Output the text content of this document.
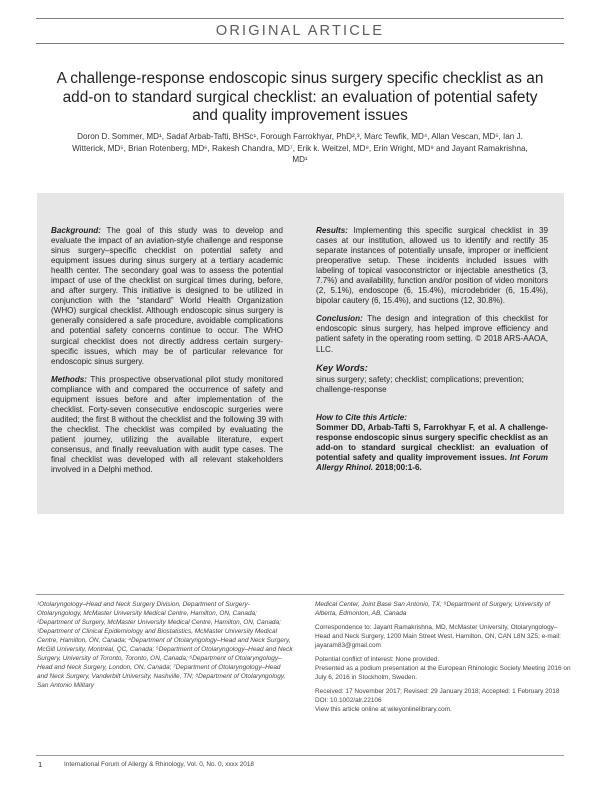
ORIGINAL ARTICLE
A challenge-response endoscopic sinus surgery specific checklist as an add-on to standard surgical checklist: an evaluation of potential safety and quality improvement issues
Doron D. Sommer, MD¹, Sadaf Arbab-Tafti, BHSc¹, Forough Farrokhyar, PhD²,³, Marc Tewfik, MD⁴, Allan Vescan, MD⁵, Ian J. Witterick, MD⁵, Brian Rotenberg, MD⁶, Rakesh Chandra, MD⁷, Erik k. Weitzel, MD⁸, Erin Wright, MD⁹ and Jayant Ramakrishna, MD¹

Background: The goal of this study was to develop and evaluate the impact of an aviation-style challenge and response sinus surgery–specific checklist on potential safety and equipment issues during sinus surgery at a tertiary academic health center. The secondary goal was to assess the potential impact of use of the checklist on surgical times during, before, and after surgery. This initiative is designed to be utilized in conjunction with the “standard” World Health Organization (WHO) surgical checklist. Although endoscopic sinus surgery is generally considered a safe procedure, avoidable complications and potential safety concerns continue to occur. The WHO surgical checklist does not directly address certain surgery-specific issues, which may be of particular relevance for endoscopic sinus surgery.

Methods: This prospective observational pilot study monitored compliance with and compared the occurrence of safety and equipment issues before and after implementation of the checklist. Forty-seven consecutive endoscopic surgeries were audited; the first 8 without the checklist and the following 39 with the checklist. The checklist was compiled by evaluating the patient journey, utilizing the available literature, expert consensus, and finally reevaluation with audit type cases. The final checklist was developed with all relevant stakeholders involved in a Delphi method.

Results: Implementing this specific surgical checklist in 39 cases at our institution, allowed us to identify and rectify 35 separate instances of potentially unsafe, improper or inefficient preoperative setup. These incidents included issues with labeling of topical vasoconstrictor or injectable anesthetics (3, 7.7%) and availability, function and/or position of video monitors (2, 5.1%), endoscope (6, 15.4%), microdebrider (6, 15.4%), bipolar cautery (6, 15.4%), and suctions (12, 30.8%).

Conclusion: The design and integration of this checklist for endoscopic sinus surgery, has helped improve efficiency and patient safety in the operating room setting. © 2018 ARS-AAOA, LLC.

Key Words:
sinus surgery; safety; checklist; complications; prevention; challenge-response
How to Cite this Article:
Sommer DD, Arbab-Tafti S, Farrokhyar F, et al. A challenge-response endoscopic sinus surgery specific checklist as an add-on to standard surgical checklist: an evaluation of potential safety and quality improvement issues. Int Forum Allergy Rhinol. 2018;00:1-6.
¹Otolaryngology–Head and Neck Surgery Division, Department of Surgery-Otolaryngology, McMaster University Medical Centre, Hamilton, ON, Canada; ²Department of Surgery, McMaster University Medical Centre, Hamilton, ON, Canada; ³Department of Clinical Epidemiology and Biostatistics, McMaster University Medical Centre, Hamilton, ON, Canada; ⁴Department of Otolaryngology–Head and Neck Surgery, McGill University, Montréal, QC, Canada; ⁵Department of Otolaryngology–Head and Neck Surgery, University of Toronto, Toronto, ON, Canada; ⁶Department of Otolaryngology–Head and Neck Surgery, London, ON, Canada; ⁷Department of Otolaryngology–Head and Neck Surgery, Vanderbilt University, Nashville, TN; ⁸Department of Otolaryngology, San Antonio Military

Medical Center, Joint Base San Antonio, TX; ⁹Department of Surgery, University of Alberta, Edmonton, AB, Canada

Correspondence to: Jayant Ramakrishna, MD, McMaster University, Otolaryngology–Head and Neck Surgery, 1200 Main Street West, Hamilton, ON, CAN L8N 3Z5; e-mail: jayaram83@gmail.com

Potential conflict of interest: None provided.

Presented as a podium presentation at the European Rhinologic Society Meeting 2016 on July 6, 2016 in Stockholm, Sweden.

Received: 17 November 2017; Revised: 29 January 2018; Accepted: 1 February 2018
DOI: 10.1002/alr.22106
View this article online at wileyonlinelibrary.com.
1	International Forum of Allergy & Rhinology, Vol. 0, No. 0, xxxx 2018
